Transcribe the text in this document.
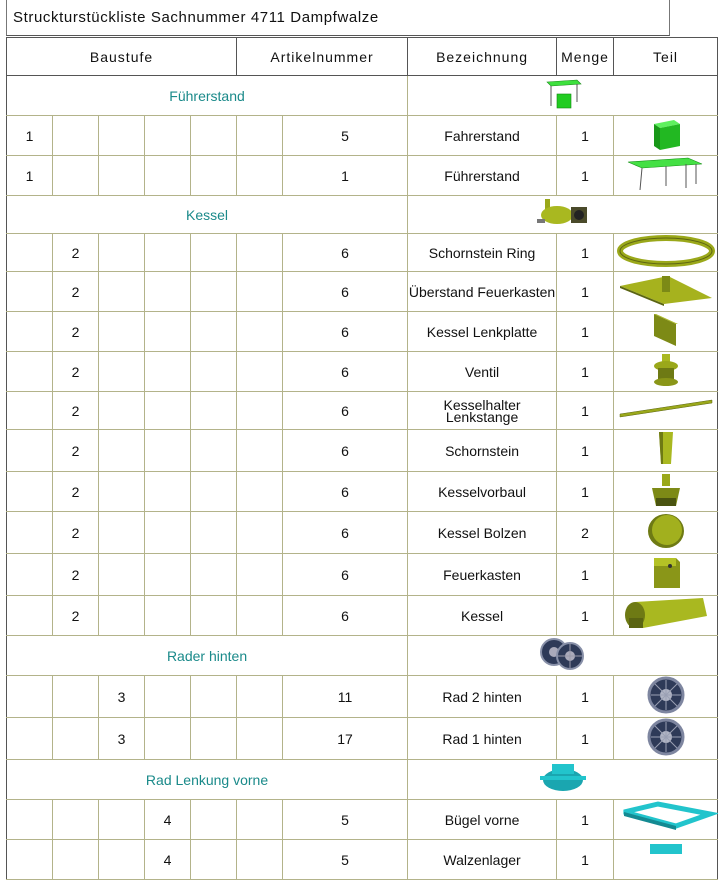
Struckturstückliste Sachnummer 4711 Dampfwalze
Baustufe					Artikelnummer		Bezeichnung	Menge	Teil
Führerstand	

1						5	Fahrerstand	1	

1						1	Führerstand	1	

Kessel	

	2					6	Schornstein Ring	1	

	2					6	Überstand Feuerkasten	1	

	2					6	Kessel Lenkplatte	1	

	2					6	Ventil	1	

	2					6	Kesselhalter Lenkstange	1	

	2					6	Schornstein	1	

	2					6	Kesselvorbaul	1	

	2					6	Kessel Bolzen	2	

	2					6	Feuerkasten	1	

	2					6	Kessel	1	

Rader hinten	

		3				11	Rad 2 hinten	1	

		3				17	Rad 1 hinten	1	

Rad Lenkung vorne	

			4			5	Bügel vorne	1	

			4			5	Walzenlager	1	
